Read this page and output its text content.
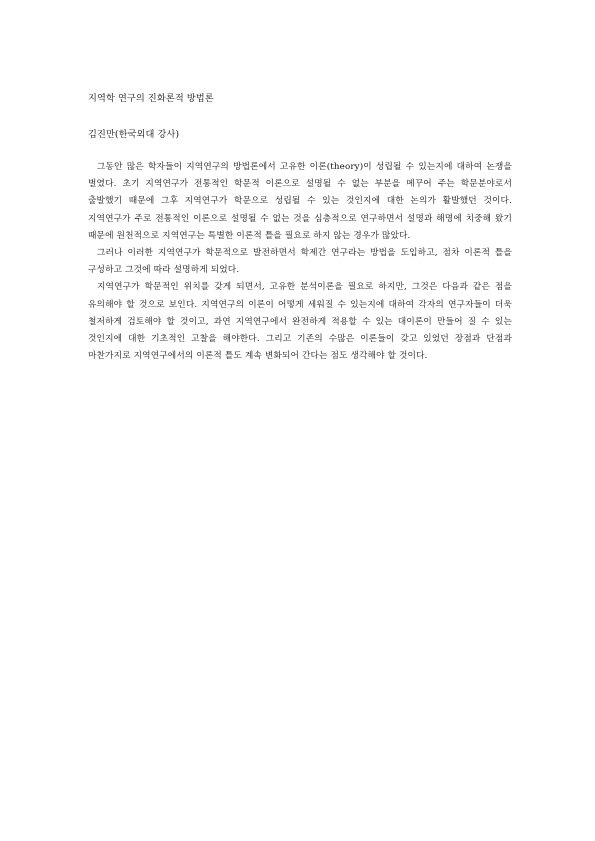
지역학 연구의 진화론적 방법론

김진만(한국외대 강사)

그동안 많은 학자들이 지역연구의 방법론에서 고유한 이론(theory)이 성립될 수 있는지에 대하여 논쟁을 벌였다. 초기 지역연구가 전통적인 학문적 이론으로 설명될 수 없는 부분을 메꾸어 주는 학문분야로서 출발했기 때문에 그후 지역연구가 학문으로 성립될 수 있는 것인지에 대한 논의가 활발했던 것이다. 지역연구가 주로 전통적인 이론으로 설명될 수 없는 것을 심층적으로 연구하면서 설명과 해명에 치중해 왔기 때문에 원천적으로 지역연구는 특별한 이론적 틀을 필요로 하지 않는 경우가 많았다.

그러나 이러한 지역연구가 학문적으로 발전하면서 학제간 연구라는 방법을 도입하고, 점차 이론적 틀을 구성하고 그것에 따라 설명하게 되었다.

지역연구가 학문적인 위치를 갖게 되면서, 고유한 분석이론을 필요로 하지만, 그것은 다음과 같은 점을 유의해야 할 것으로 보인다. 지역연구의 이론이 어떻게 세워질 수 있는지에 대하여 각자의 연구자들이 더욱 철저하게 검토해야 할 것이고, 과연 지역연구에서 완전하게 적용할 수 있는 대이론이 만들어 질 수 있는 것인지에 대한 기초적인 고찰을 해야한다. 그리고 기존의 수많은 이론들이 갖고 있었던 장점과 단점과 마찬가지로 지역연구에서의 이론적 틀도 계속 변화되어 간다는 점도 생각해야 할 것이다.
